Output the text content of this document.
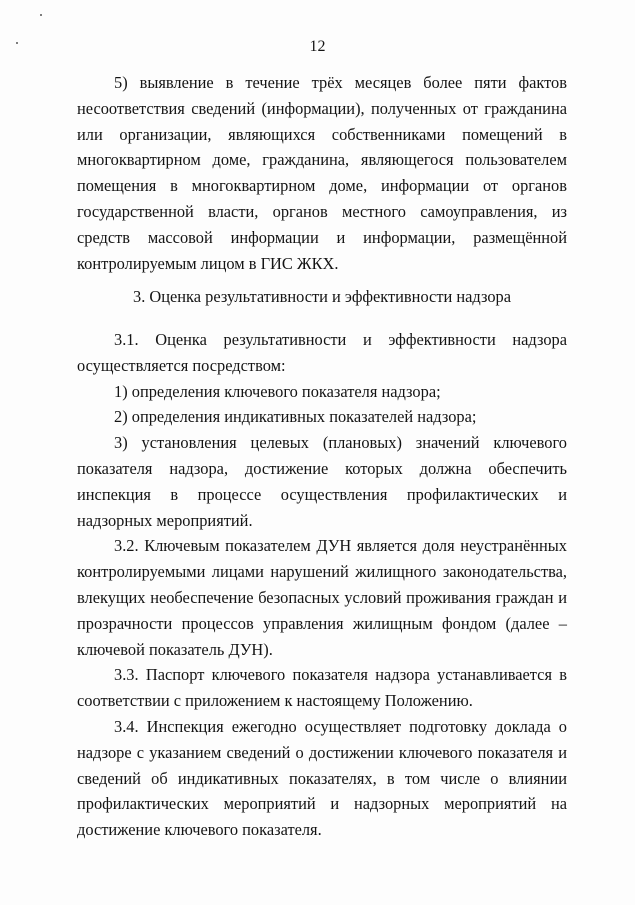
12

5) выявление в течение трёх месяцев более пяти фактов несоответствия сведений (информации), полученных от гражданина или организации, являющихся собственниками помещений в многоквартирном доме, гражданина, являющегося пользователем помещения в многоквартирном доме, информации от органов государственной власти, органов местного самоуправления, из средств массовой информации и информации, размещённой контролируемым лицом в ГИС ЖКХ.

3. Оценка результативности и эффективности надзора

3.1. Оценка результативности и эффективности надзора осуществляется посредством:

1) определения ключевого показателя надзора;

2) определения индикативных показателей надзора;

3) установления целевых (плановых) значений ключевого показателя надзора, достижение которых должна обеспечить инспекция в процессе осуществления профилактических и надзорных мероприятий.

3.2. Ключевым показателем ДУН является доля неустранённых контролируемыми лицами нарушений жилищного законодательства, влекущих необеспечение безопасных условий проживания граждан и прозрачности процессов управления жилищным фондом (далее – ключевой показатель ДУН).

3.3. Паспорт ключевого показателя надзора устанавливается в соответствии с приложением к настоящему Положению.

3.4. Инспекция ежегодно осуществляет подготовку доклада о надзоре с указанием сведений о достижении ключевого показателя и сведений об индикативных показателях, в том числе о влиянии профилактических мероприятий и надзорных мероприятий на достижение ключевого показателя.
